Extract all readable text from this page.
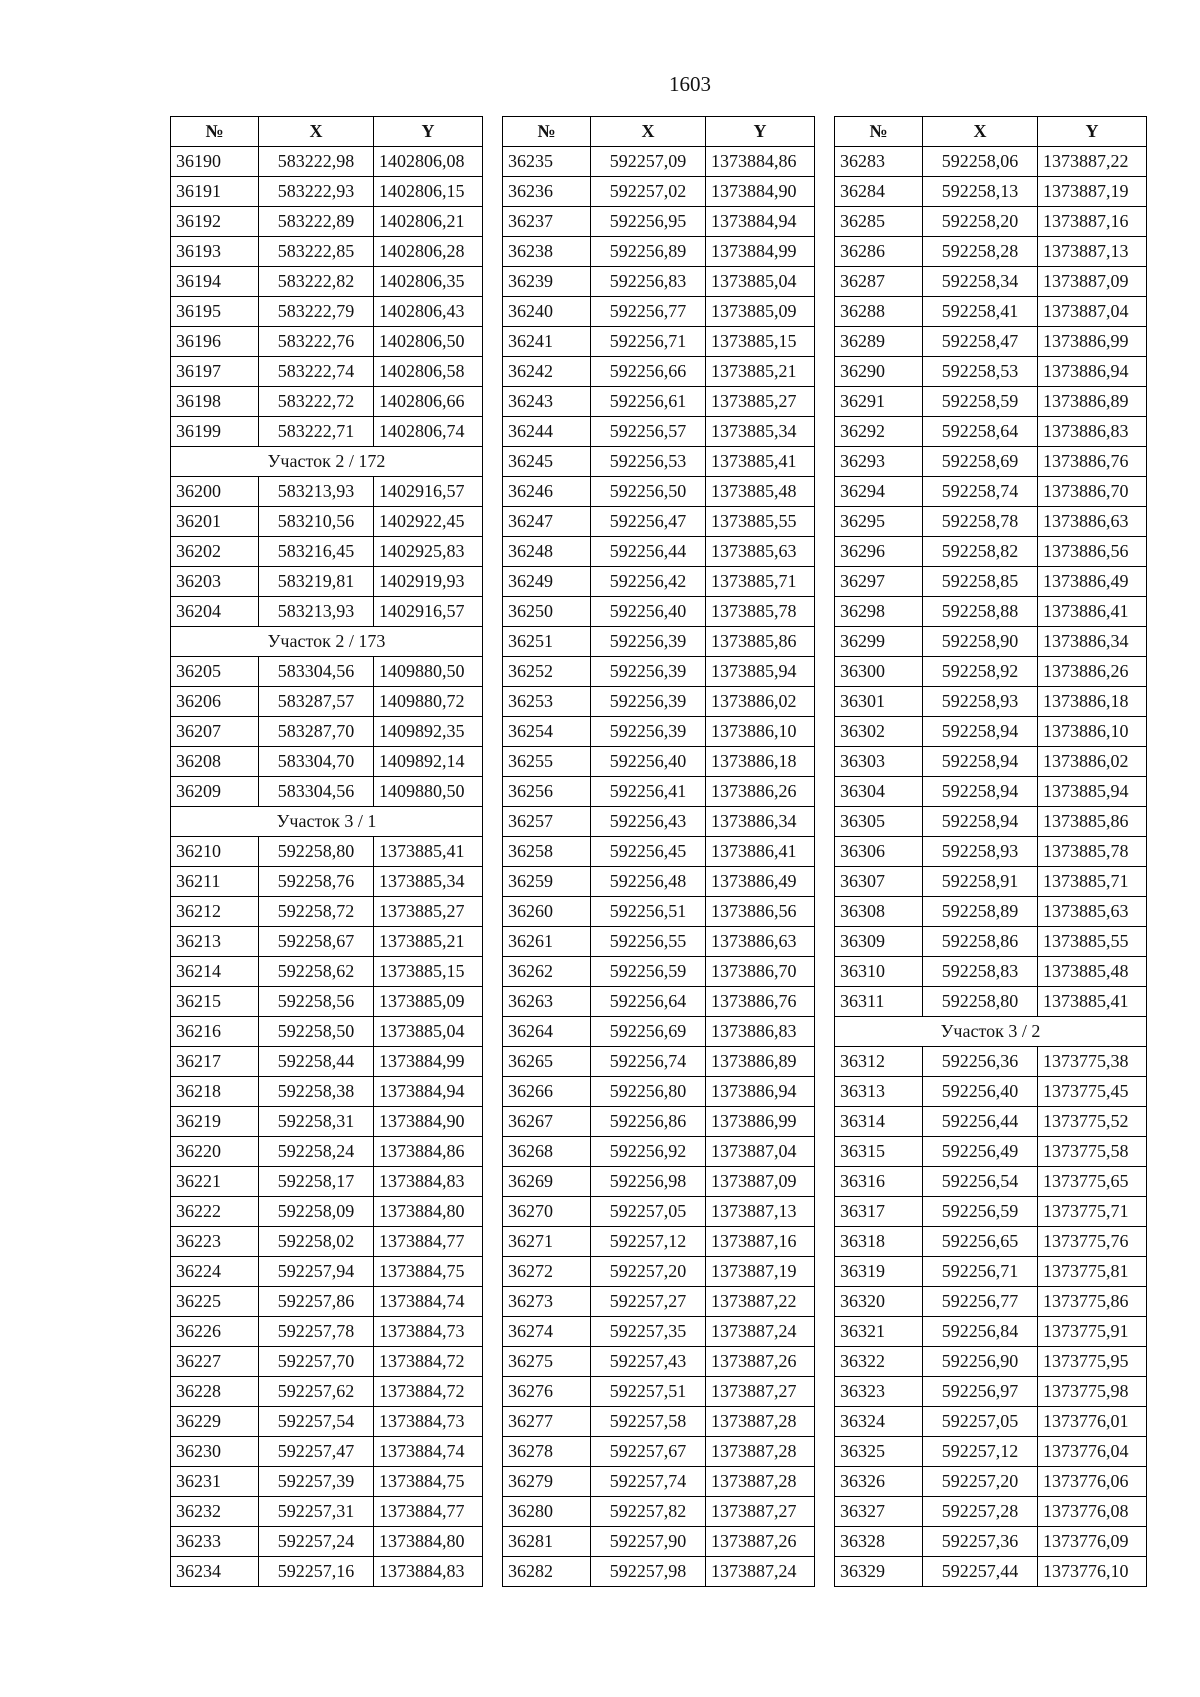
1603
№	X	Y
36190	583222,98	1402806,08
36191	583222,93	1402806,15
36192	583222,89	1402806,21
36193	583222,85	1402806,28
36194	583222,82	1402806,35
36195	583222,79	1402806,43
36196	583222,76	1402806,50
36197	583222,74	1402806,58
36198	583222,72	1402806,66
36199	583222,71	1402806,74
Участок 2 / 172		
36200	583213,93	1402916,57
36201	583210,56	1402922,45
36202	583216,45	1402925,83
36203	583219,81	1402919,93
36204	583213,93	1402916,57
Участок 2 / 173		
36205	583304,56	1409880,50
36206	583287,57	1409880,72
36207	583287,70	1409892,35
36208	583304,70	1409892,14
36209	583304,56	1409880,50
Участок 3 / 1		
36210	592258,80	1373885,41
36211	592258,76	1373885,34
36212	592258,72	1373885,27
36213	592258,67	1373885,21
36214	592258,62	1373885,15
36215	592258,56	1373885,09
36216	592258,50	1373885,04
36217	592258,44	1373884,99
36218	592258,38	1373884,94
36219	592258,31	1373884,90
36220	592258,24	1373884,86
36221	592258,17	1373884,83
36222	592258,09	1373884,80
36223	592258,02	1373884,77
36224	592257,94	1373884,75
36225	592257,86	1373884,74
36226	592257,78	1373884,73
36227	592257,70	1373884,72
36228	592257,62	1373884,72
36229	592257,54	1373884,73
36230	592257,47	1373884,74
36231	592257,39	1373884,75
36232	592257,31	1373884,77
36233	592257,24	1373884,80
36234	592257,16	1373884,83
№	X	Y
36235	592257,09	1373884,86
36236	592257,02	1373884,90
36237	592256,95	1373884,94
36238	592256,89	1373884,99
36239	592256,83	1373885,04
36240	592256,77	1373885,09
36241	592256,71	1373885,15
36242	592256,66	1373885,21
36243	592256,61	1373885,27
36244	592256,57	1373885,34
36245	592256,53	1373885,41
36246	592256,50	1373885,48
36247	592256,47	1373885,55
36248	592256,44	1373885,63
36249	592256,42	1373885,71
36250	592256,40	1373885,78
36251	592256,39	1373885,86
36252	592256,39	1373885,94
36253	592256,39	1373886,02
36254	592256,39	1373886,10
36255	592256,40	1373886,18
36256	592256,41	1373886,26
36257	592256,43	1373886,34
36258	592256,45	1373886,41
36259	592256,48	1373886,49
36260	592256,51	1373886,56
36261	592256,55	1373886,63
36262	592256,59	1373886,70
36263	592256,64	1373886,76
36264	592256,69	1373886,83
36265	592256,74	1373886,89
36266	592256,80	1373886,94
36267	592256,86	1373886,99
36268	592256,92	1373887,04
36269	592256,98	1373887,09
36270	592257,05	1373887,13
36271	592257,12	1373887,16
36272	592257,20	1373887,19
36273	592257,27	1373887,22
36274	592257,35	1373887,24
36275	592257,43	1373887,26
36276	592257,51	1373887,27
36277	592257,58	1373887,28
36278	592257,67	1373887,28
36279	592257,74	1373887,28
36280	592257,82	1373887,27
36281	592257,90	1373887,26
36282	592257,98	1373887,24
№	X	Y
36283	592258,06	1373887,22
36284	592258,13	1373887,19
36285	592258,20	1373887,16
36286	592258,28	1373887,13
36287	592258,34	1373887,09
36288	592258,41	1373887,04
36289	592258,47	1373886,99
36290	592258,53	1373886,94
36291	592258,59	1373886,89
36292	592258,64	1373886,83
36293	592258,69	1373886,76
36294	592258,74	1373886,70
36295	592258,78	1373886,63
36296	592258,82	1373886,56
36297	592258,85	1373886,49
36298	592258,88	1373886,41
36299	592258,90	1373886,34
36300	592258,92	1373886,26
36301	592258,93	1373886,18
36302	592258,94	1373886,10
36303	592258,94	1373886,02
36304	592258,94	1373885,94
36305	592258,94	1373885,86
36306	592258,93	1373885,78
36307	592258,91	1373885,71
36308	592258,89	1373885,63
36309	592258,86	1373885,55
36310	592258,83	1373885,48
36311	592258,80	1373885,41
Участок 3 / 2		
36312	592256,36	1373775,38
36313	592256,40	1373775,45
36314	592256,44	1373775,52
36315	592256,49	1373775,58
36316	592256,54	1373775,65
36317	592256,59	1373775,71
36318	592256,65	1373775,76
36319	592256,71	1373775,81
36320	592256,77	1373775,86
36321	592256,84	1373775,91
36322	592256,90	1373775,95
36323	592256,97	1373775,98
36324	592257,05	1373776,01
36325	592257,12	1373776,04
36326	592257,20	1373776,06
36327	592257,28	1373776,08
36328	592257,36	1373776,09
36329	592257,44	1373776,10
